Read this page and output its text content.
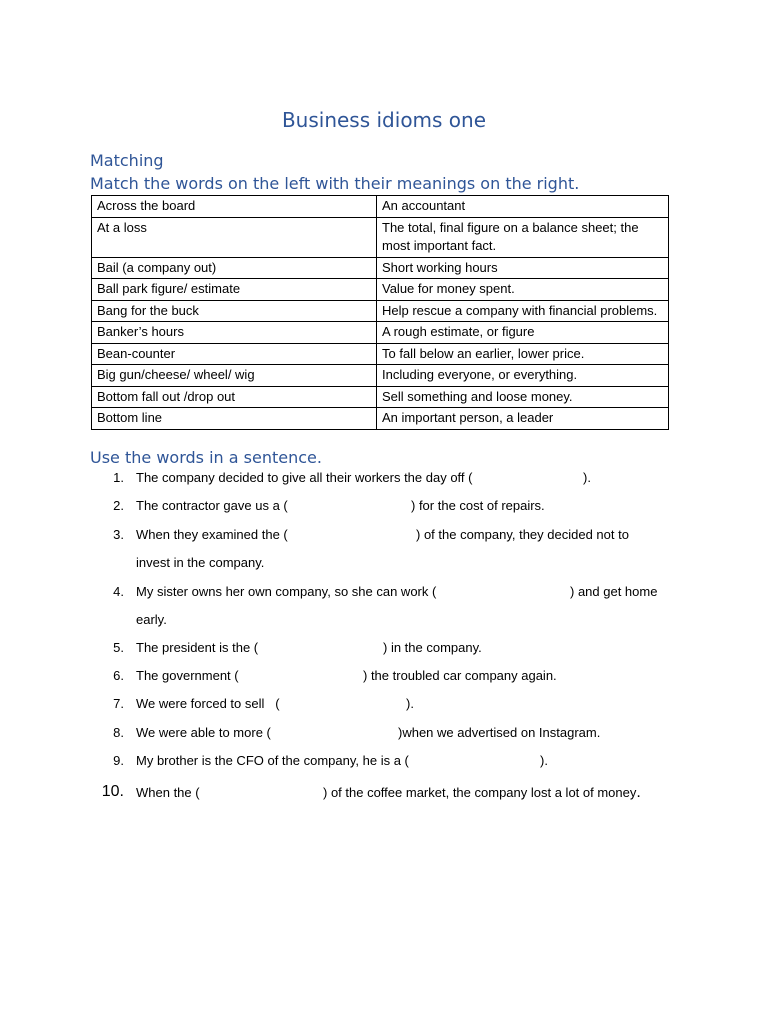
Business idioms one
Matching
Match the words on the left with their meanings on the right.
Across the board	An accountant
At a loss	The total, final figure on a balance sheet; the most important fact.
Bail (a company out)	Short working hours
Ball park figure/ estimate	Value for money spent.
Bang for the buck	Help rescue a company with financial problems.
Banker’s hours	A rough estimate, or figure
Bean-counter	To fall below an earlier, lower price.
Big gun/cheese/ wheel/ wig	Including everyone, or everything.
Bottom fall out /drop out	Sell something and loose money.
Bottom line	An important person, a leader
Use the words in a sentence.
1. The company decided to give all their workers the day off (	).
2. The contractor gave us a (	) for the cost of repairs.
3. When they examined the (	) of the company, they decided not to
invest in the company.
4. My sister owns her own company, so she can work (	) and get home
early.
5. The president is the (	) in the company.
6. The government (	) the troubled car company again.
7. We were forced to sell   (	).
8. We were able to more (	)when we advertised on Instagram.
9. My brother is the CFO of the company, he is a (	).
10. When the (	) of the coffee market, the company lost a lot of money.
